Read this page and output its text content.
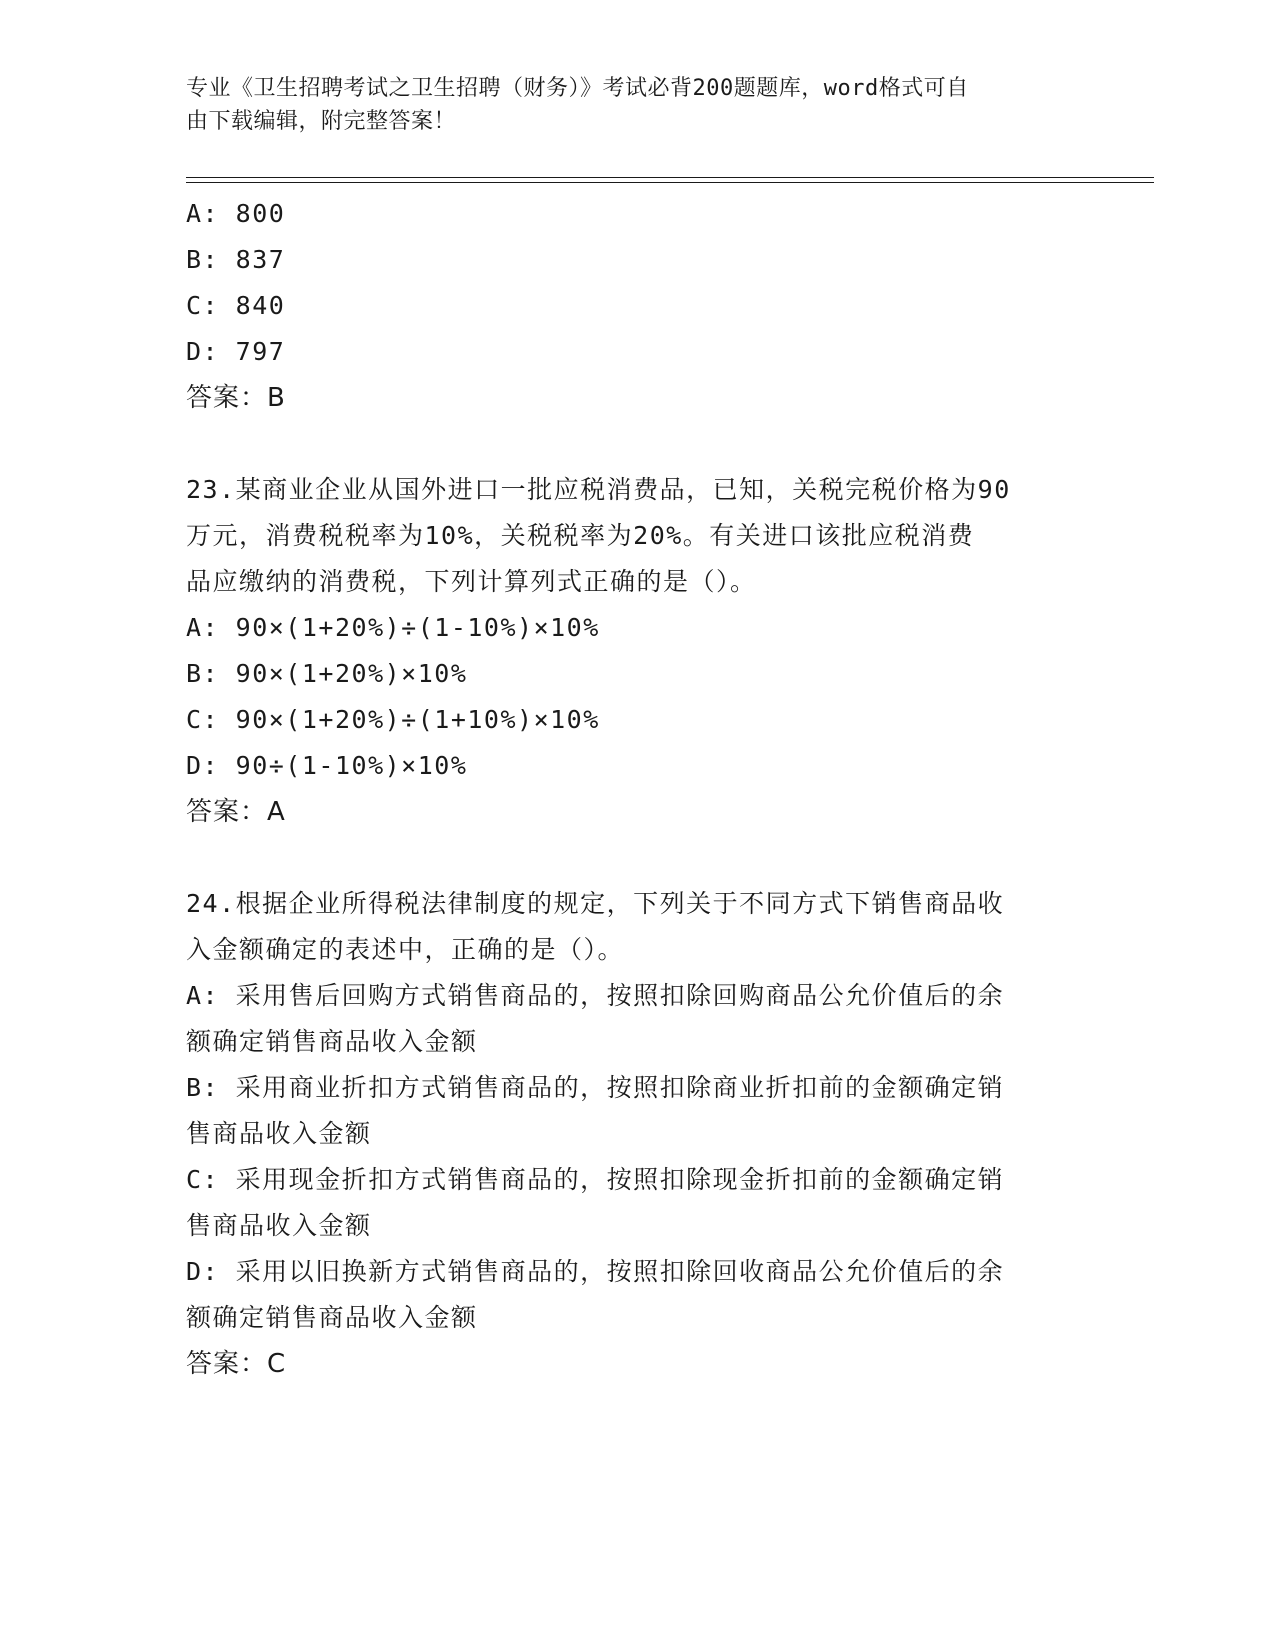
专业《卫生招聘考试之卫生招聘（财务）》考试必背200题题库，word格式可自
由下载编辑，附完整答案！
A: 800
B: 837
C: 840
D: 797
答案：B
23.某商业企业从国外进口一批应税消费品，已知，关税完税价格为90
万元，消费税税率为10%，关税税率为20%。有关进口该批应税消费
品应缴纳的消费税，下列计算列式正确的是（）。
A: 90×(1+20%)÷(1-10%)×10%
B: 90×(1+20%)×10%
C: 90×(1+20%)÷(1+10%)×10%
D: 90÷(1-10%)×10%
答案：A
24.根据企业所得税法律制度的规定，下列关于不同方式下销售商品收
入金额确定的表述中，正确的是（）。
A: 采用售后回购方式销售商品的，按照扣除回购商品公允价值后的余
额确定销售商品收入金额
B: 采用商业折扣方式销售商品的，按照扣除商业折扣前的金额确定销
售商品收入金额
C: 采用现金折扣方式销售商品的，按照扣除现金折扣前的金额确定销
售商品收入金额
D: 采用以旧换新方式销售商品的，按照扣除回收商品公允价值后的余
额确定销售商品收入金额
答案：C
